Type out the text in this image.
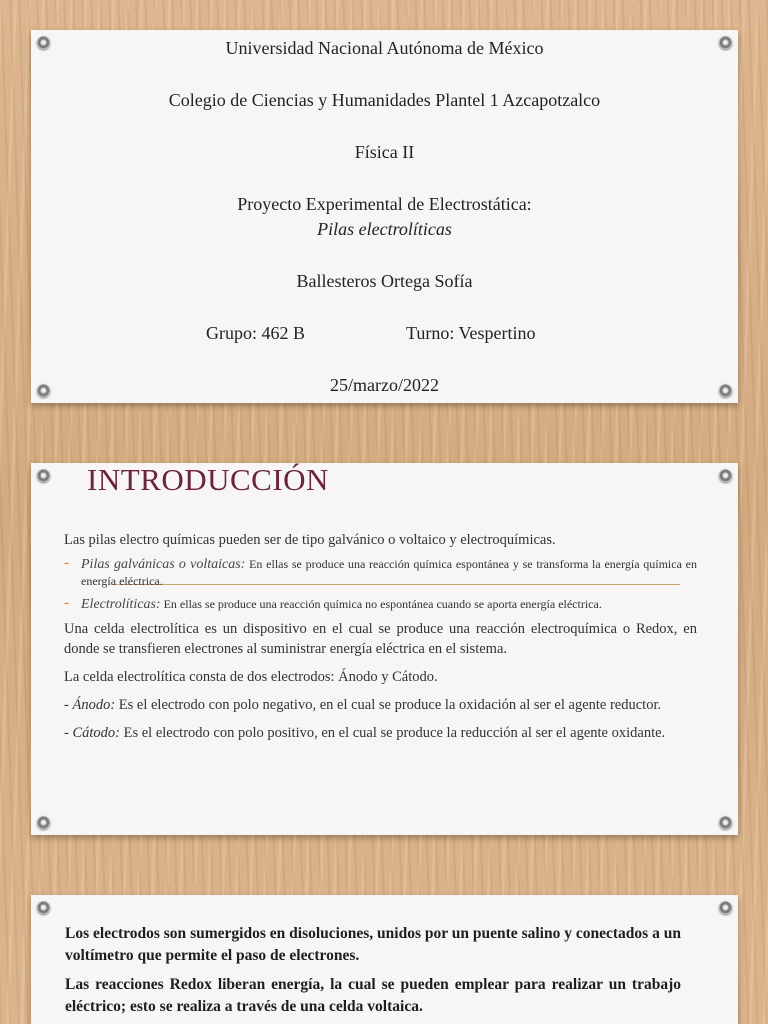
Universidad Nacional Autónoma de México
Colegio de Ciencias y Humanidades Plantel 1 Azcapotzalco
Física II
Proyecto Experimental de Electrostática:
Pilas electrolíticas
Ballesteros Ortega Sofía
Grupo: 462 B	Turno: Vespertino
25/marzo/2022
INTRODUCCIÓN

Las pilas electro químicas pueden ser de tipo galvánico o voltaico y electroquímicas.

- Pilas galvánicas o voltaicas: En ellas se produce una reacción química espontánea y se transforma la energía química en energía eléctrica.
- Electrolíticas: En ellas se produce una reacción química no espontánea cuando se aporta energía eléctrica.

Una celda electrolítica es un dispositivo en el cual se produce una reacción electroquímica o Redox, en donde se transfieren electrones al suministrar energía eléctrica en el sistema.

La celda electrolítica consta de dos electrodos: Ánodo y Cátodo.

- Ánodo: Es el electrodo con polo negativo, en el cual se produce la oxidación al ser el agente reductor.

- Cátodo: Es el electrodo con polo positivo, en el cual se produce la reducción al ser el agente oxidante.

Los electrodos son sumergidos en disoluciones, unidos por un puente salino y conectados a un voltímetro que permite el paso de electrones.

Las reacciones Redox liberan energía, la cual se pueden emplear para realizar un trabajo eléctrico; esto se realiza a través de una celda voltaica.
